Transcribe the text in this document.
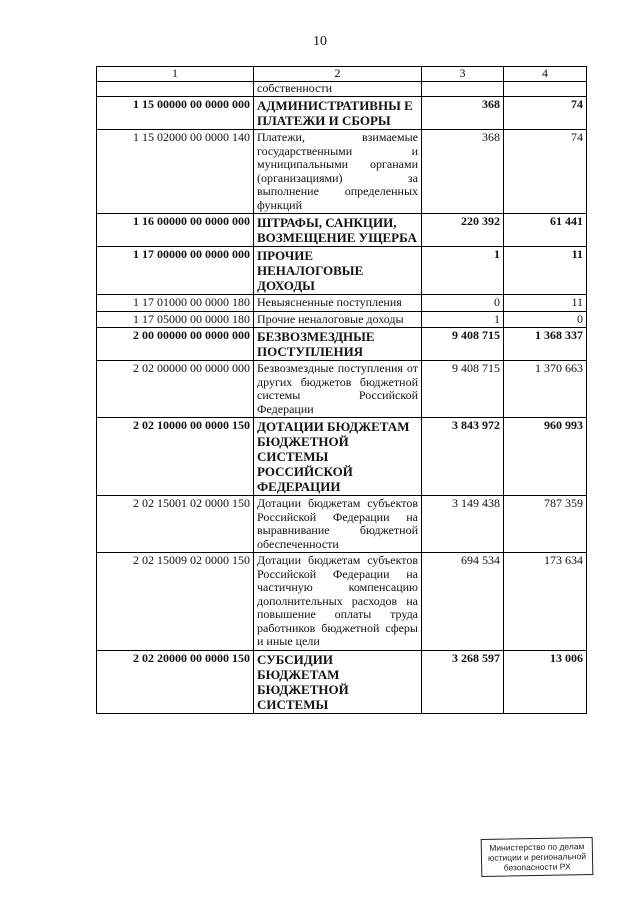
10
1	2	3	4
	собственности		
1 15 00000 00 0000 000	АДМИНИСТРАТИВНЫ Е ПЛАТЕЖИ И СБОРЫ	368	74
1 15 02000 00 0000 140	Платежи, взимаемые государственными и муниципальными органами (организациями) за выполнение определенных функций	368	74
1 16 00000 00 0000 000	ШТРАФЫ, САНКЦИИ, ВОЗМЕЩЕНИЕ УЩЕРБА	220 392	61 441
1 17 00000 00 0000 000	ПРОЧИЕ НЕНАЛОГОВЫЕ ДОХОДЫ	1	11
1 17 01000 00 0000 180	Невыясненные поступления	0	11
1 17 05000 00 0000 180	Прочие неналоговые доходы	1	0
2 00 00000 00 0000 000	БЕЗВОЗМЕЗДНЫЕ ПОСТУПЛЕНИЯ	9 408 715	1 368 337
2 02 00000 00 0000 000	Безвозмездные поступления от других бюджетов бюджетной системы Российской Федерации	9 408 715	1 370 663
2 02 10000 00 0000 150	ДОТАЦИИ БЮДЖЕТАМ БЮДЖЕТНОЙ СИСТЕМЫ РОССИЙСКОЙ ФЕДЕРАЦИИ	3 843 972	960 993
2 02 15001 02 0000 150	Дотации бюджетам субъектов Российской Федерации на выравнивание бюджетной обеспеченности	3 149 438	787 359
2 02 15009 02 0000 150	Дотации бюджетам субъектов Российской Федерации на частичную компенсацию дополнительных расходов на повышение оплаты труда работников бюджетной сферы и иные цели	694 534	173 634
2 02 20000 00 0000 150	СУБСИДИИ БЮДЖЕТАМ БЮДЖЕТНОЙ СИСТЕМЫ	3 268 597	13 006
Министерство по делам
юстиции и региональной
безопасности РХ
